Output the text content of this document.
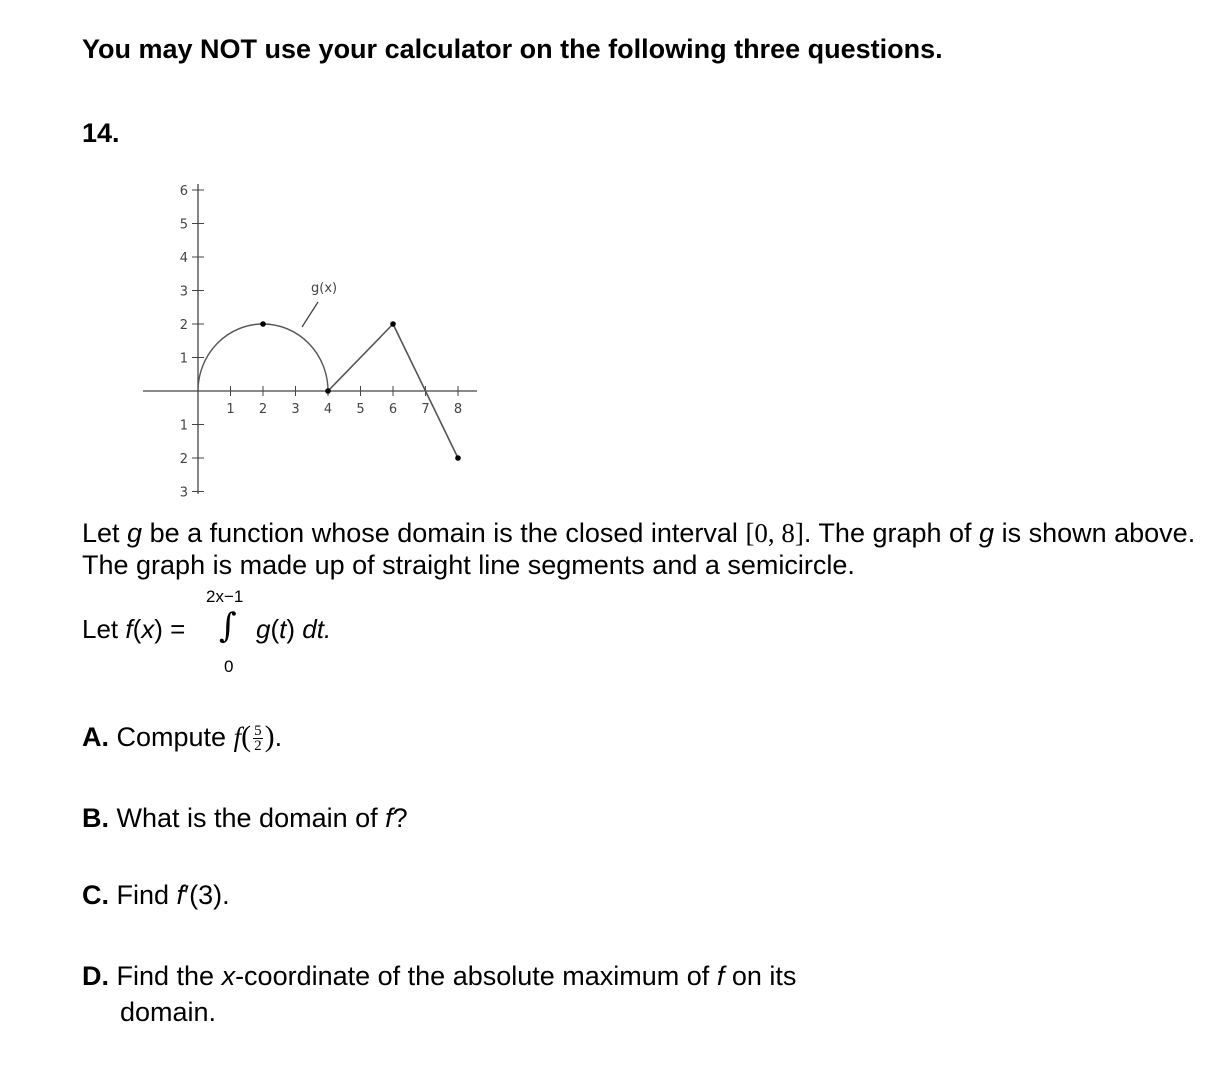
You may NOT use your calculator on the following three questions.
14.
1 2 3 4 5 6 7 8
1
2
3
4
5
6
1
2
3
g(x)
Let g be a function whose domain is the closed interval [0, 8]. The graph of g is shown above. The graph is made up of straight line segments and a semicircle.
Let f(x) =
2x−1
∫
0
g(t) dt.
A. Compute $f( \frac{5}{2}$ ).
B. What is the domain of f?
C. Find f′(3).
D. Find the x-coordinate of the absolute maximum of f on its
domain.
